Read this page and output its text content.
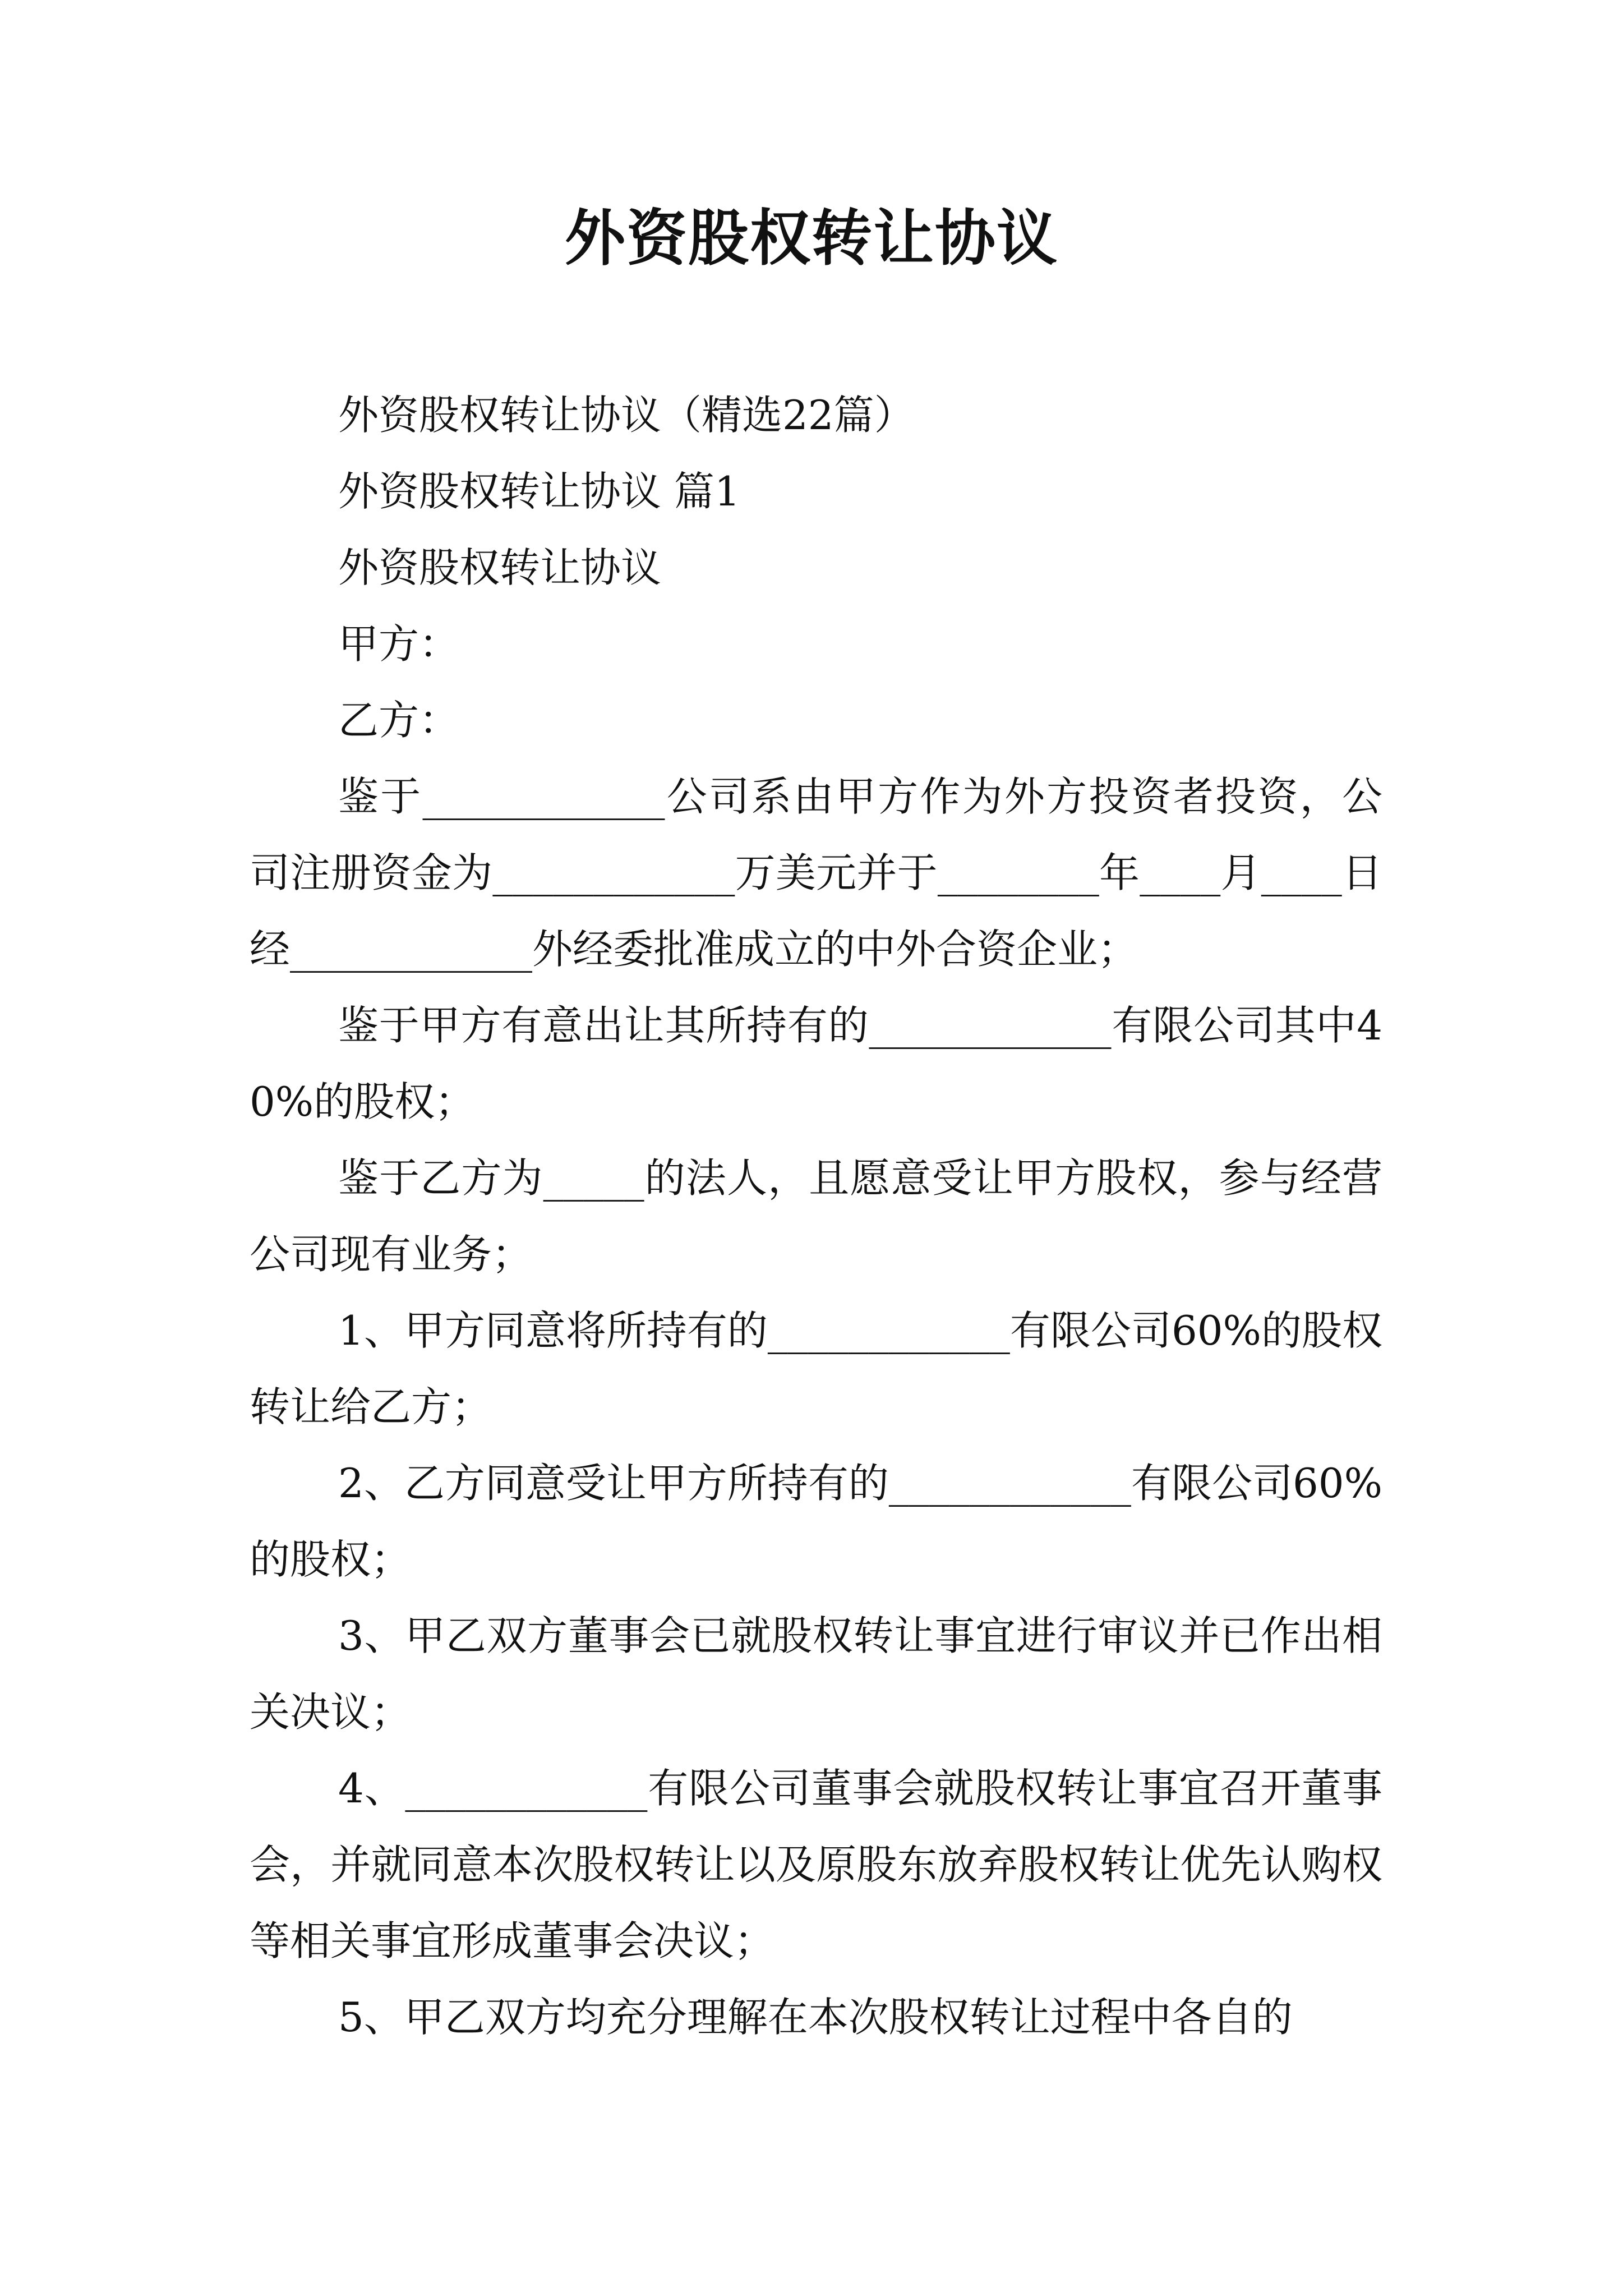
外资股权转让协议

外资股权转让协议（精选22篇）

外资股权转让协议 篇1

外资股权转让协议

甲方：

乙方：

鉴于____________公司系由甲方作为外方投资者投资，公司注册资金为____________万美元并于________年____月____日经____________外经委批准成立的中外合资企业；

鉴于甲方有意出让其所持有的____________有限公司其中40%的股权；

鉴于乙方为_____的法人，且愿意受让甲方股权，参与经营公司现有业务；

1、甲方同意将所持有的____________有限公司60%的股权转让给乙方；

2、乙方同意受让甲方所持有的____________有限公司60%的股权；

3、甲乙双方董事会已就股权转让事宜进行审议并已作出相关决议；

4、____________有限公司董事会就股权转让事宜召开董事会，并就同意本次股权转让以及原股东放弃股权转让优先认购权等相关事宜形成董事会决议；

5、甲乙双方均充分理解在本次股权转让过程中各自的
